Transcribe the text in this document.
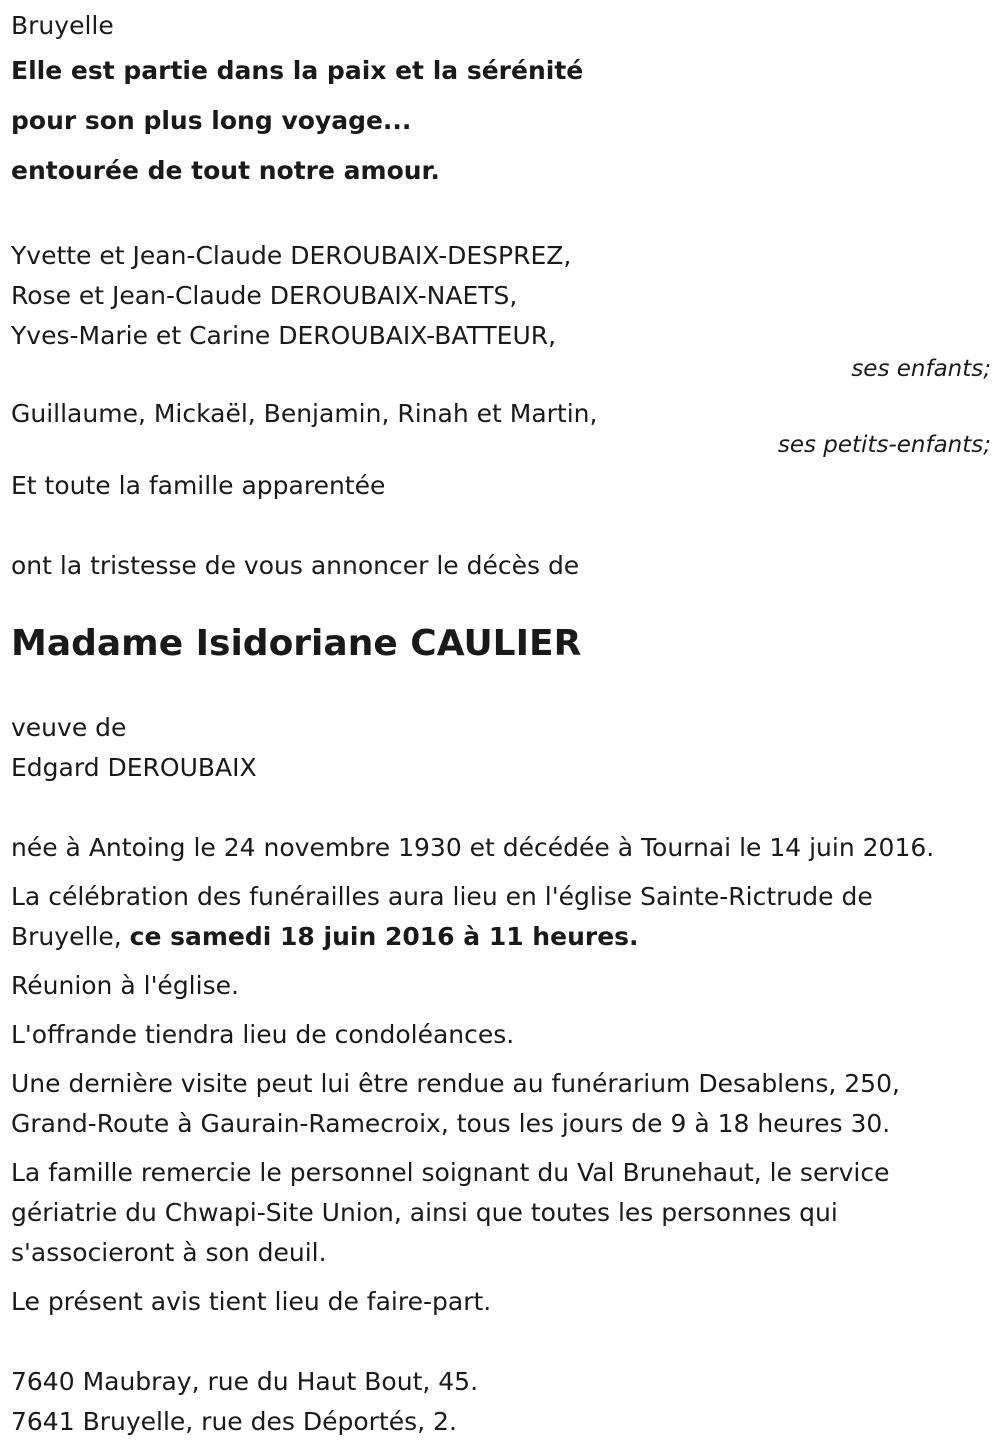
Bruyelle

Elle est partie dans la paix et la sérénité

pour son plus long voyage...

entourée de tout notre amour.

Yvette et Jean-Claude DEROUBAIX-DESPREZ,

Rose et Jean-Claude DEROUBAIX-NAETS,

Yves-Marie et Carine DEROUBAIX-BATTEUR,

ses enfants;

Guillaume, Mickaël, Benjamin, Rinah et Martin,

ses petits-enfants;

Et toute la famille apparentée

ont la tristesse de vous annoncer le décès de

Madame Isidoriane CAULIER

veuve de

Edgard DEROUBAIX

née à Antoing le 24 novembre 1930 et décédée à Tournai le 14 juin 2016.

La célébration des funérailles aura lieu en l'église Sainte-Rictrude de Bruyelle, ce samedi 18 juin 2016 à 11 heures.

Réunion à l'église.

L'offrande tiendra lieu de condoléances.

Une dernière visite peut lui être rendue au funérarium Desablens, 250, Grand-Route à Gaurain-Ramecroix, tous les jours de 9 à 18 heures 30.

La famille remercie le personnel soignant du Val Brunehaut, le service gériatrie du Chwapi-Site Union, ainsi que toutes les personnes qui s'associeront à son deuil.

Le présent avis tient lieu de faire-part.

7640 Maubray, rue du Haut Bout, 45.

7641 Bruyelle, rue des Déportés, 2.
